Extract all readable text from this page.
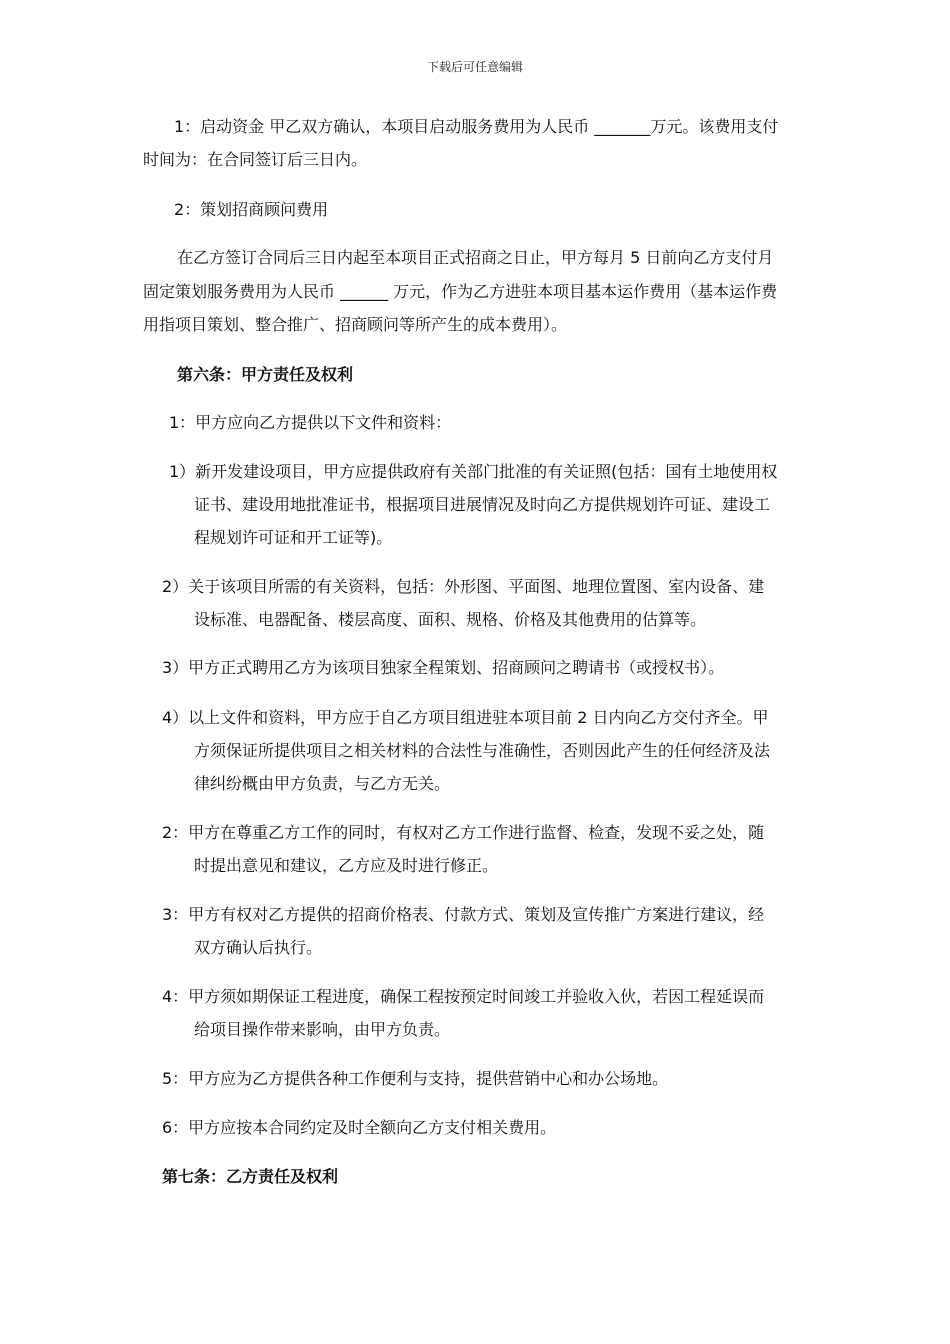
下载后可任意编辑
1：启动资金 甲乙双方确认，本项目启动服务费用为人民币 _______万元。该费用支付
时间为：在合同签订后三日内。
2：策划招商顾问费用
在乙方签订合同后三日内起至本项目正式招商之日止，甲方每月 5 日前向乙方支付月
固定策划服务费用为人民币 ______ 万元，作为乙方进驻本项目基本运作费用（基本运作费
用指项目策划、整合推广、招商顾问等所产生的成本费用）。
第六条：甲方责任及权利
1：甲方应向乙方提供以下文件和资料：
1）新开发建设项目，甲方应提供政府有关部门批准的有关证照(包括：国有土地使用权
证书、建设用地批准证书，根据项目进展情况及时向乙方提供规划许可证、建设工
程规划许可证和开工证等)。
2）关于该项目所需的有关资料，包括：外形图、平面图、地理位置图、室内设备、建
设标准、电器配备、楼层高度、面积、规格、价格及其他费用的估算等。
3）甲方正式聘用乙方为该项目独家全程策划、招商顾问之聘请书（或授权书）。
4）以上文件和资料，甲方应于自乙方项目组进驻本项目前 2 日内向乙方交付齐全。甲
方须保证所提供项目之相关材料的合法性与准确性，否则因此产生的任何经济及法
律纠纷概由甲方负责，与乙方无关。
2：甲方在尊重乙方工作的同时，有权对乙方工作进行监督、检查，发现不妥之处，随
时提出意见和建议，乙方应及时进行修正。
3：甲方有权对乙方提供的招商价格表、付款方式、策划及宣传推广方案进行建议，经
双方确认后执行。
4：甲方须如期保证工程进度，确保工程按预定时间竣工并验收入伙，若因工程延误而
给项目操作带来影响，由甲方负责。
5：甲方应为乙方提供各种工作便利与支持，提供营销中心和办公场地。
6：甲方应按本合同约定及时全额向乙方支付相关费用。
第七条：乙方责任及权利
